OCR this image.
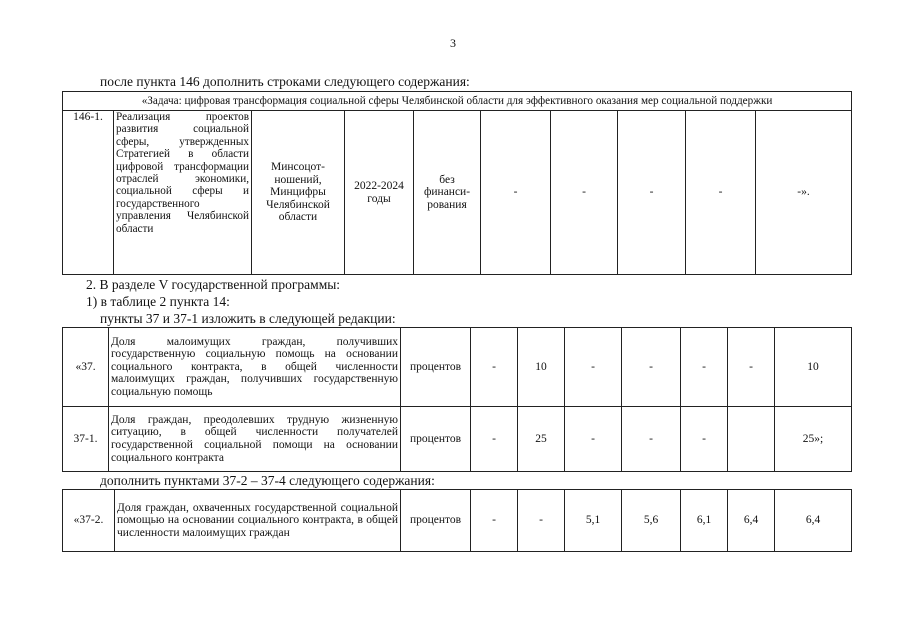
3
после пункта 146 дополнить строками следующего содержания:
«Задача: цифровая трансформация социальной сферы Челябинской области для эффективного оказания мер социальной поддержки
146-1.	Реализация проектов развития социальной сферы, утвержденных Стратегией в области цифровой трансформации отраслей экономики, социальной сферы и государственного управления Челябинской области	Минсоцот- ношений, Минцифры Челябинской области	2022-2024 годы	без финанси- рования	-	-	-	-	-».
2. В разделе V государственной программы:
1) в таблице 2 пункта 14:
пункты 37 и 37-1 изложить в следующей редакции:
«37.	Доля малоимущих граждан, получивших государственную социальную помощь на основании социального контракта, в общей численности малоимущих граждан, получивших государственную социальную помощь	процентов	-	10	-	-	-	-	10
37-1.	Доля граждан, преодолевших трудную жизненную ситуацию, в общей численности получателей государственной социальной помощи на основании социального контракта	процентов	-	25	-	-	-		25»;
дополнить пунктами 37-2 – 37-4 следующего содержания:
«37-2.	Доля граждан, охваченных государственной социальной помощью на основании социального контракта, в общей численности малоимущих граждан	процентов	-	-	5,1	5,6	6,1	6,4	6,4
